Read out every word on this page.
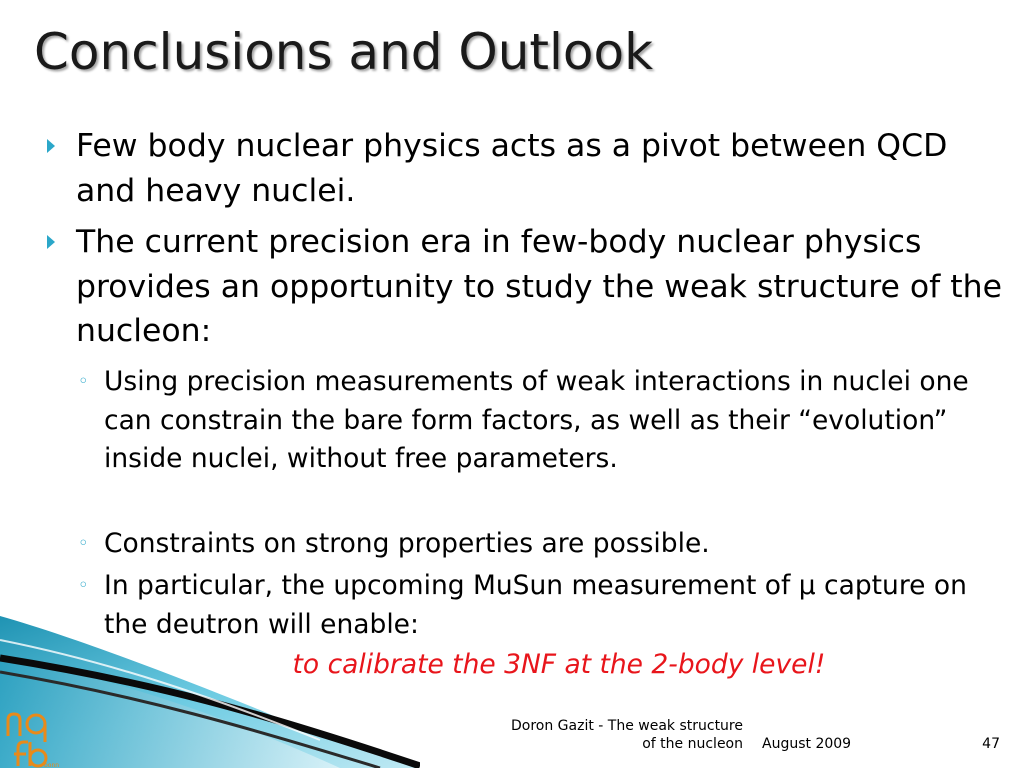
Conclusions and Outlook
Few body nuclear physics acts as a pivot between QCD and heavy nuclei.
The current precision era in few-body nuclear physics provides an opportunity to study the weak structure of the nucleon:
◦ Using precision measurements of weak interactions in nuclei one can constrain the bare form factors, as well as their “evolution” inside nuclei, without free parameters.
◦ Constraints on strong properties are possible.
◦ In particular, the upcoming MuSun measurement of μ capture on the deutron will enable:
to calibrate the 3NF at the 2-body level!
bonn
Doron Gazit - The weak structure of the nucleon August 2009	47
